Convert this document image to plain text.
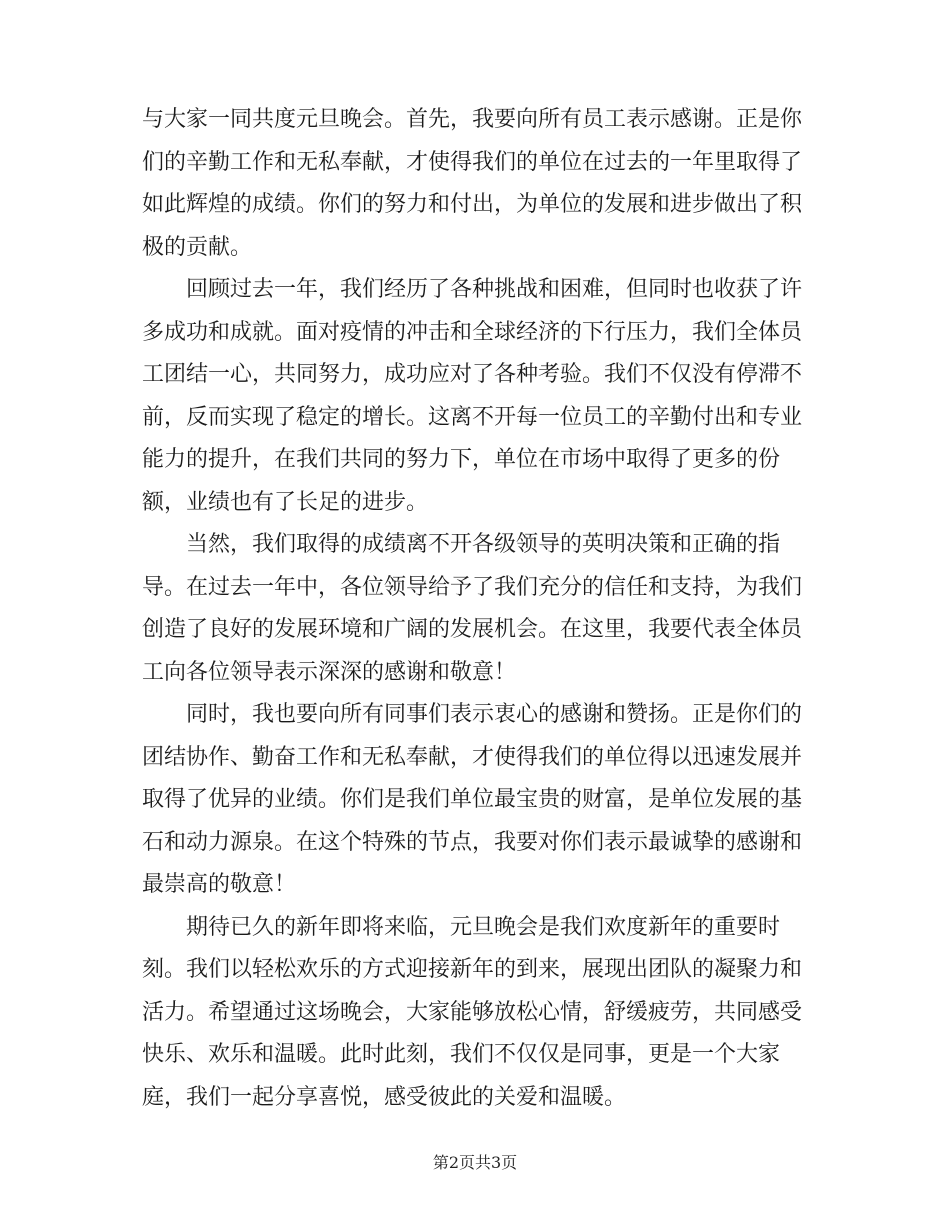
与大家一同共度元旦晚会。首先，我要向所有员工表示感谢。正是你
们的辛勤工作和无私奉献，才使得我们的单位在过去的一年里取得了
如此辉煌的成绩。你们的努力和付出，为单位的发展和进步做出了积
极的贡献。

　　回顾过去一年，我们经历了各种挑战和困难，但同时也收获了许
多成功和成就。面对疫情的冲击和全球经济的下行压力，我们全体员
工团结一心，共同努力，成功应对了各种考验。我们不仅没有停滞不
前，反而实现了稳定的增长。这离不开每一位员工的辛勤付出和专业
能力的提升，在我们共同的努力下，单位在市场中取得了更多的份
额，业绩也有了长足的进步。

　　当然，我们取得的成绩离不开各级领导的英明决策和正确的指
导。在过去一年中，各位领导给予了我们充分的信任和支持，为我们
创造了良好的发展环境和广阔的发展机会。在这里，我要代表全体员
工向各位领导表示深深的感谢和敬意！

　　同时，我也要向所有同事们表示衷心的感谢和赞扬。正是你们的
团结协作、勤奋工作和无私奉献，才使得我们的单位得以迅速发展并
取得了优异的业绩。你们是我们单位最宝贵的财富，是单位发展的基
石和动力源泉。在这个特殊的节点，我要对你们表示最诚挚的感谢和
最崇高的敬意！

　　期待已久的新年即将来临，元旦晚会是我们欢度新年的重要时
刻。我们以轻松欢乐的方式迎接新年的到来，展现出团队的凝聚力和
活力。希望通过这场晚会，大家能够放松心情，舒缓疲劳，共同感受
快乐、欢乐和温暖。此时此刻，我们不仅仅是同事，更是一个大家
庭，我们一起分享喜悦，感受彼此的关爱和温暖。

第2页共3页
